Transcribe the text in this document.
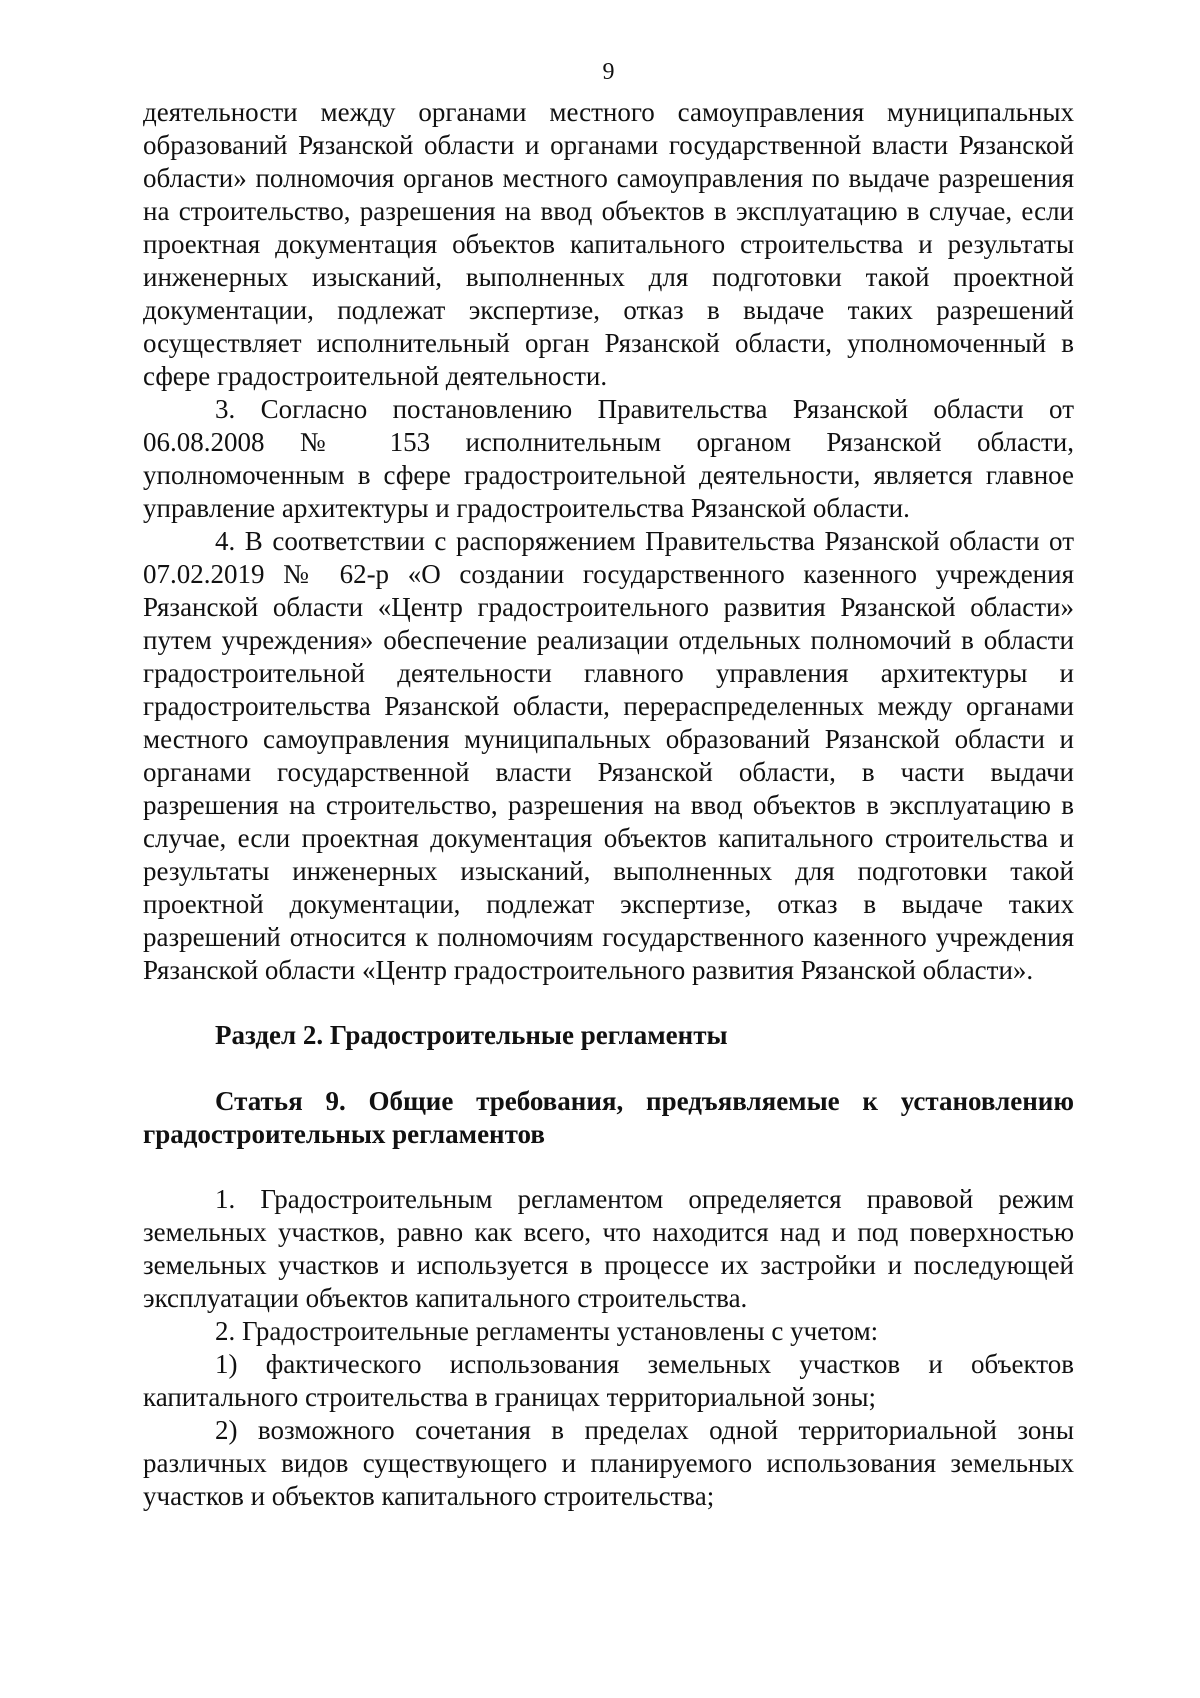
9

деятельности между органами местного самоуправления муниципальных образований Рязанской области и органами государственной власти Рязанской области» полномочия органов местного самоуправления по выдаче разрешения на строительство, разрешения на ввод объектов в эксплуатацию в случае, если проектная документация объектов капитального строительства и результаты инженерных изысканий, выполненных для подготовки такой проектной документации, подлежат экспертизе, отказ в выдаче таких разрешений осуществляет исполнительный орган Рязанской области, уполномоченный в сфере градостроительной деятельности.

3. Согласно постановлению Правительства Рязанской области от 06.08.2008 № 153 исполнительным органом Рязанской области, уполномоченным в сфере градостроительной деятельности, является главное управление архитектуры и градостроительства Рязанской области.

4. В соответствии с распоряжением Правительства Рязанской области от 07.02.2019 № 62-р «О создании государственного казенного учреждения Рязанской области «Центр градостроительного развития Рязанской области» путем учреждения» обеспечение реализации отдельных полномочий в области градостроительной деятельности главного управления архитектуры и градостроительства Рязанской области, перераспределенных между органами местного самоуправления муниципальных образований Рязанской области и органами государственной власти Рязанской области, в части выдачи разрешения на строительство, разрешения на ввод объектов в эксплуатацию в случае, если проектная документация объектов капитального строительства и результаты инженерных изысканий, выполненных для подготовки такой проектной документации, подлежат экспертизе, отказ в выдаче таких разрешений относится к полномочиям государственного казенного учреждения Рязанской области «Центр градостроительного развития Рязанской области».

Раздел 2. Градостроительные регламенты

Статья 9. Общие требования, предъявляемые к установлению градостроительных регламентов

1. Градостроительным регламентом определяется правовой режим земельных участков, равно как всего, что находится над и под поверхностью земельных участков и используется в процессе их застройки и последующей эксплуатации объектов капитального строительства.

2. Градостроительные регламенты установлены с учетом:

1) фактического использования земельных участков и объектов капитального строительства в границах территориальной зоны;

2) возможного сочетания в пределах одной территориальной зоны различных видов существующего и планируемого использования земельных участков и объектов капитального строительства;
